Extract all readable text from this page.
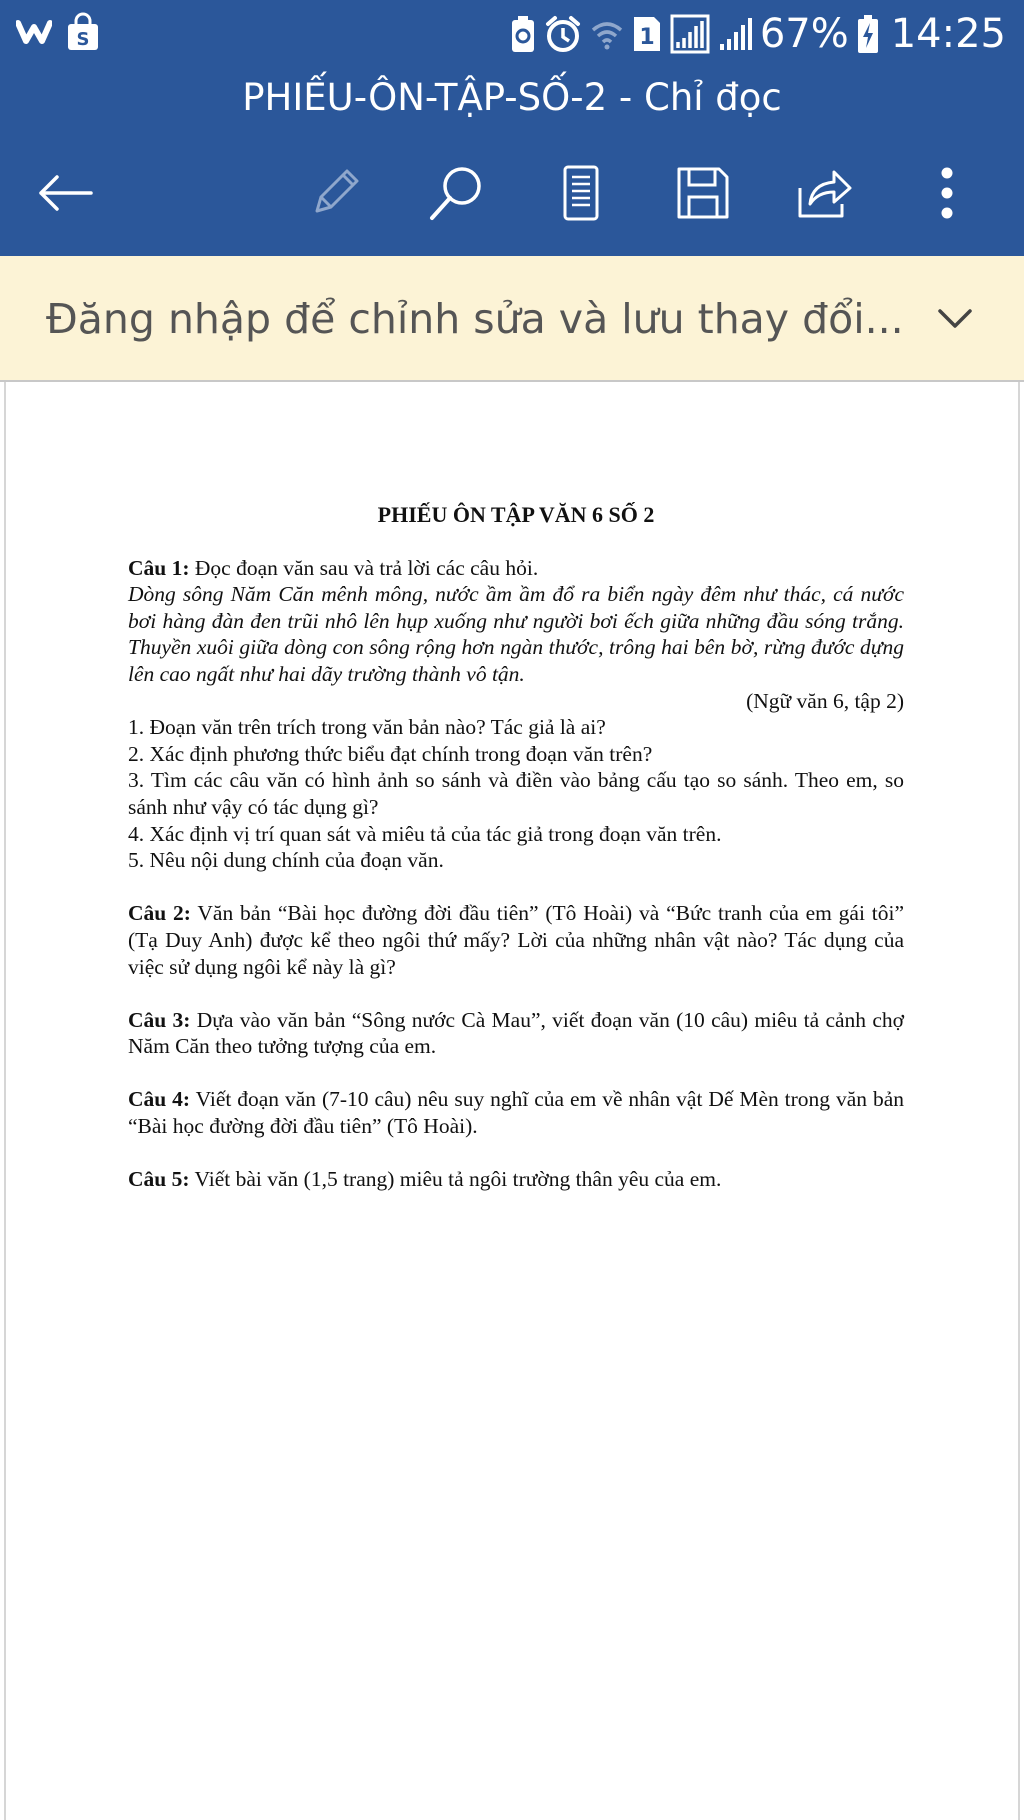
S	1	67% 14:25
PHIẾU-ÔN-TẬP-SỐ-2 - Chỉ đọc
Đăng nhập để chỉnh sửa và lưu thay đổi...
PHIẾU ÔN TẬP VĂN 6 SỐ 2

Câu 1: Đọc đoạn văn sau và trả lời các câu hỏi.

Dòng sông Năm Căn mênh mông, nước ầm ầm đổ ra biển ngày đêm như thác, cá nước bơi hàng đàn đen trũi nhô lên hụp xuống như người bơi ếch giữa những đầu sóng trắng. Thuyền xuôi giữa dòng con sông rộng hơn ngàn thước, trông hai bên bờ, rừng đước dựng lên cao ngất như hai dãy trường thành vô tận.

(Ngữ văn 6, tập 2)

1. Đoạn văn trên trích trong văn bản nào? Tác giả là ai?

2. Xác định phương thức biểu đạt chính trong đoạn văn trên?

3. Tìm các câu văn có hình ảnh so sánh và điền vào bảng cấu tạo so sánh. Theo em, so sánh như vậy có tác dụng gì?

4. Xác định vị trí quan sát và miêu tả của tác giả trong đoạn văn trên.

5. Nêu nội dung chính của đoạn văn.

Câu 2: Văn bản “Bài học đường đời đầu tiên” (Tô Hoài) và “Bức tranh của em gái tôi” (Tạ Duy Anh) được kể theo ngôi thứ mấy? Lời của những nhân vật nào? Tác dụng của việc sử dụng ngôi kể này là gì?

Câu 3: Dựa vào văn bản “Sông nước Cà Mau”, viết đoạn văn (10 câu) miêu tả cảnh chợ Năm Căn theo tưởng tượng của em.

Câu 4: Viết đoạn văn (7-10 câu) nêu suy nghĩ của em về nhân vật Dế Mèn trong văn bản “Bài học đường đời đầu tiên” (Tô Hoài).

Câu 5: Viết bài văn (1,5 trang) miêu tả ngôi trường thân yêu của em.
